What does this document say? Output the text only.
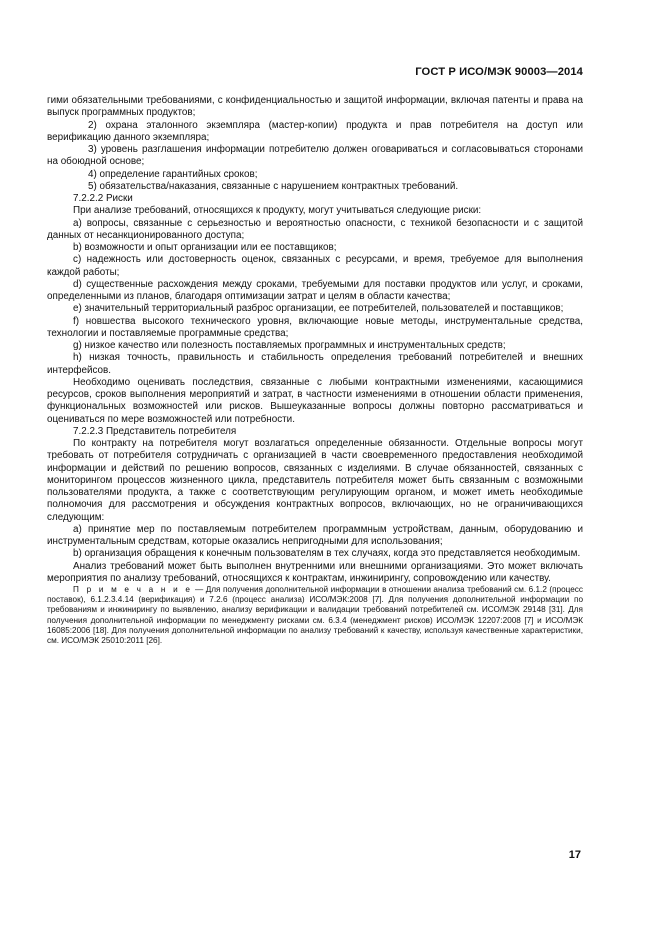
ГОСТ Р ИСО/МЭК 90003—2014

гими обязательными требованиями, с конфиденциальностью и защитой информации, включая патенты и права на выпуск программных продуктов;

2) охрана эталонного экземпляра (мастер-копии) продукта и прав потребителя на доступ или верификацию данного экземпляра;

3) уровень разглашения информации потребителю должен оговариваться и согласовываться сторонами на обоюдной основе;

4) определение гарантийных сроков;

5) обязательства/наказания, связанные с нарушением контрактных требований.

7.2.2.2 Риски

При анализе требований, относящихся к продукту, могут учитываться следующие риски:

а) вопросы, связанные с серьезностью и вероятностью опасности, с техникой безопасности и с защитой данных от несанкционированного доступа;

b) возможности и опыт организации или ее поставщиков;

c) надежность или достоверность оценок, связанных с ресурсами, и время, требуемое для выполнения каждой работы;

d) существенные расхождения между сроками, требуемыми для поставки продуктов или услуг, и сроками, определенными из планов, благодаря оптимизации затрат и целям в области качества;

e) значительный территориальный разброс организации, ее потребителей, пользователей и поставщиков;

f) новшества высокого технического уровня, включающие новые методы, инструментальные средства, технологии и поставляемые программные средства;

g) низкое качество или полезность поставляемых программных и инструментальных средств;

h) низкая точность, правильность и стабильность определения требований потребителей и внешних интерфейсов.

Необходимо оценивать последствия, связанные с любыми контрактными изменениями, касающимися ресурсов, сроков выполнения мероприятий и затрат, в частности изменениями в отношении области применения, функциональных возможностей или рисков. Вышеуказанные вопросы должны повторно рассматриваться и оцениваться по мере возможностей или потребности.

7.2.2.3 Представитель потребителя

По контракту на потребителя могут возлагаться определенные обязанности. Отдельные вопросы могут требовать от потребителя сотрудничать с организацией в части своевременного предоставления необходимой информации и действий по решению вопросов, связанных с изделиями. В случае обязанностей, связанных с мониторингом процессов жизненного цикла, представитель потребителя может быть связанным с возможными пользователями продукта, а также с соответствующим регулирующим органом, и может иметь необходимые полномочия для рассмотрения и обсуждения контрактных вопросов, включающих, но не ограничивающихся следующим:

a) принятие мер по поставляемым потребителем программным устройствам, данным, оборудованию и инструментальным средствам, которые оказались непригодными для использования;

b) организация обращения к конечным пользователям в тех случаях, когда это представляется необходимым.

Анализ требований может быть выполнен внутренними или внешними организациями. Это может включать мероприятия по анализу требований, относящихся к контрактам, инжинирингу, сопровождению или качеству.

П р и м е ч а н и е — Для получения дополнительной информации в отношении анализа требований см. 6.1.2 (процесс поставок), 6.1.2.3.4.14 (верификация) и 7.2.6 (процесс анализа) ИСО/МЭК:2008 [7]. Для получения дополнительной информации по требованиям и инжинирингу по выявлению, анализу верификации и валидации требований потребителей см. ИСО/МЭК 29148 [31]. Для получения дополнительной информации по менеджменту рисками см. 6.3.4 (менеджмент рисков) ИСО/МЭК 12207:2008 [7] и ИСО/МЭК 16085:2006 [18]. Для получения дополнительной информации по анализу требований к качеству, используя качественные характеристики, см. ИСО/МЭК 25010:2011 [26].

17
